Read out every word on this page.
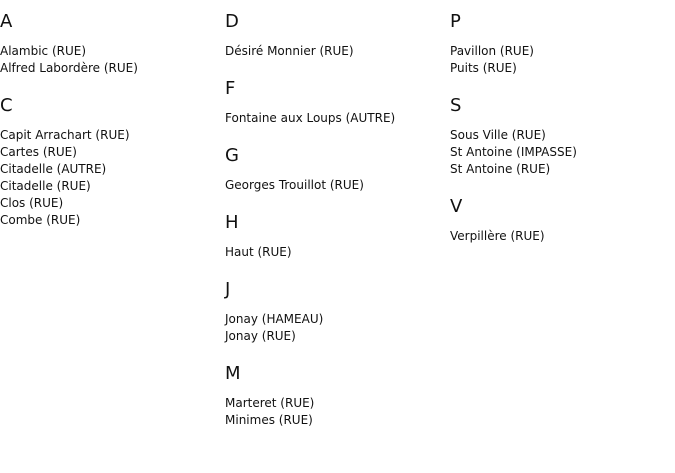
A
Alambic (RUE)
Alfred Labordère (RUE)
C
Capit Arrachart (RUE)
Cartes (RUE)
Citadelle (AUTRE)
Citadelle (RUE)
Clos (RUE)
Combe (RUE)
D
Désiré Monnier (RUE)
F
Fontaine aux Loups (AUTRE)
G
Georges Trouillot (RUE)
H
Haut (RUE)
J
Jonay (HAMEAU)
Jonay (RUE)
M
Marteret (RUE)
Minimes (RUE)
P
Pavillon (RUE)
Puits (RUE)
S
Sous Ville (RUE)
St Antoine (IMPASSE)
St Antoine (RUE)
V
Verpillère (RUE)
